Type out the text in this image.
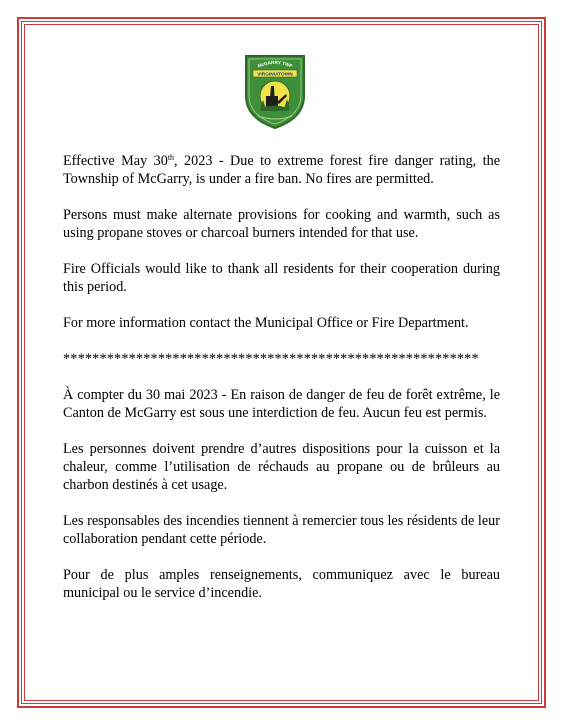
McGARRY TWP
VIRGINIATOWN

Effective May 30th, 2023 - Due to extreme forest fire danger rating, the Township of McGarry, is under a fire ban. No fires are permitted.

Persons must make alternate provisions for cooking and warmth, such as using propane stoves or charcoal burners intended for that use.

Fire Officials would like to thank all residents for their cooperation during this period.

For more information contact the Municipal Office or Fire Department.

*********************************************************

À compter du 30 mai 2023 - En raison de danger de feu de forêt extrême, le Canton de McGarry est sous une interdiction de feu. Aucun feu est permis.

Les personnes doivent prendre d’autres dispositions pour la cuisson et la chaleur, comme l’utilisation de réchauds au propane ou de brûleurs au charbon destinés à cet usage.

Les responsables des incendies tiennent à remercier tous les résidents de leur collaboration pendant cette période.

Pour de plus amples renseignements, communiquez avec le bureau municipal ou le service d’incendie.
